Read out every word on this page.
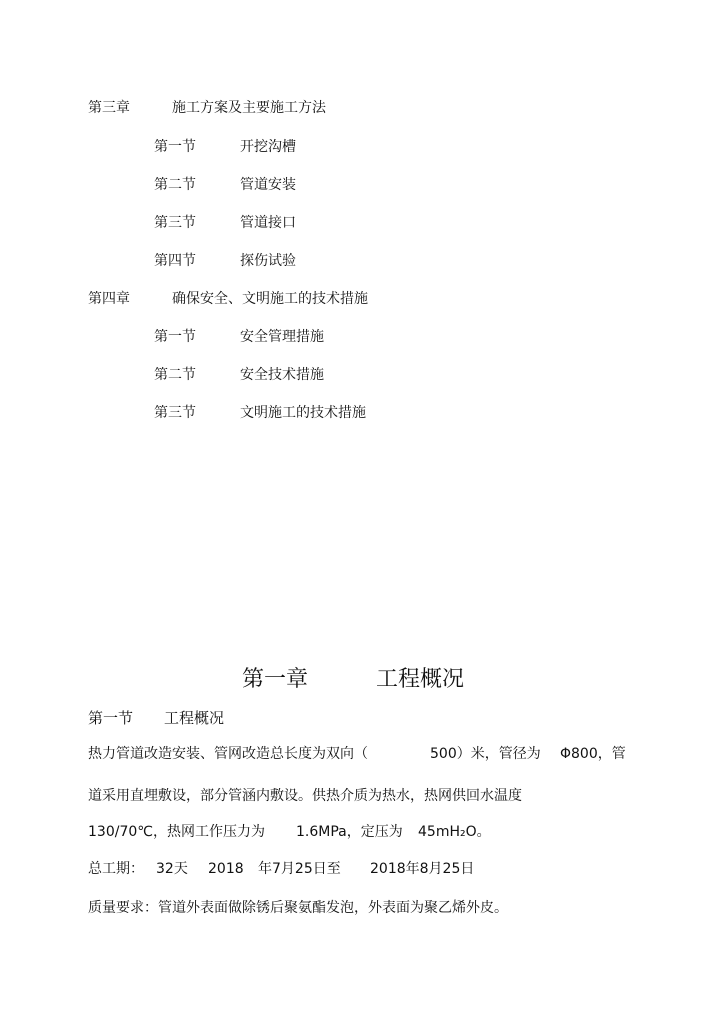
第三章	施工方案及主要施工方法
第一节	开挖沟槽
第二节	管道安装
第三节	管道接口
第四节	探伤试验
第四章	确保安全、文明施工的技术措施
第一节	安全管理措施
第二节	安全技术措施
第三节	文明施工的技术措施
第一章	工程概况
第一节 工程概况
热力管道改造安装、管网改造总长度为双向（	500）米，管径为 Φ800，管
道采用直埋敷设，部分管涵内敷设。供热介质为热水，热网供回水温度
130/70℃，热网工作压力为 1.6MPa，定压为 45mH₂O。
总工期： 32天 2018 年7月25日至 2018年8月25日
质量要求：管道外表面做除锈后聚氨酯发泡，外表面为聚乙烯外皮。
